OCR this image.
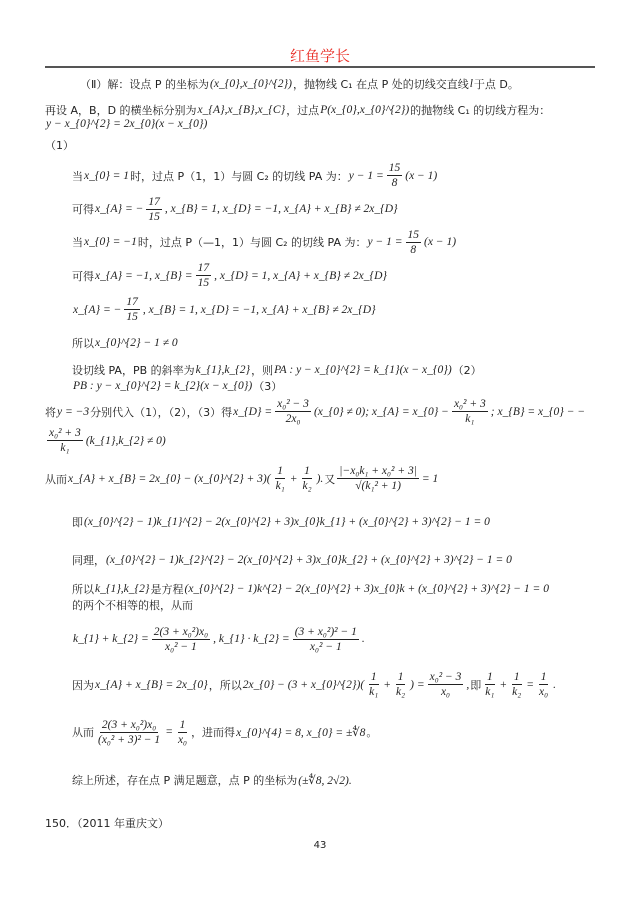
红鱼学长
（Ⅱ）解：设点 P 的坐标为 (x_{0},x_{0}^{2}) ，抛物线 C₁ 在点 P 处的切线交直线 l 于点 D。
再设 A，B，D 的横坐标分别为 x_{A},x_{B},x_{C} ，过点 P(x_{0},x_{0}^{2}) 的抛物线 C₁ 的切线方程为：
y − x_{0}^{2} = 2x_{0}(x − x_{0})
（1）
当 x_{0} = 1 时，过点 P（1，1）与圆 C₂ 的切线 PA 为： $y - 1 = \frac{15}{8} (x - 1)$
可得 x_{A} = − $\frac{17}{15}$ , x_{B} = 1, x_{D} = −1, x_{A} + x_{B} ≠ 2x_{D}
当 x_{0} = −1 时，过点 P（—1，1）与圆 C₂ 的切线 PA 为： $y - 1 = \frac{15}{8} (x - 1)$
可得 x_{A} = −1, x_{B} = $\frac{17}{15}$ , x_{D} = 1, x_{A} + x_{B} ≠ 2x_{D}
x_{A} = − $\frac{17}{15}$ , x_{B} = 1, x_{D} = −1, x_{A} + x_{B} ≠ 2x_{D}
所以 x_{0}^{2} − 1 ≠ 0
设切线 PA，PB 的斜率为 k_{1},k_{2} ，则 PA : y − x_{0}^{2} = k_{1}(x − x_{0}) （2）
PB : y − x_{0}^{2} = k_{2}(x − x_{0}) （3）
将 y = −3 分别代入（1），（2），（3）得 x_{D} = $\frac{\text{x₀² − 3}}{\text{2x₀}}$ (x_{0} ≠ 0); x_{A} = x_{0} − $\frac{\text{x₀² + 3}}{\text{k₁}}$ ; x_{B} = x_{0} − −
$\frac{\text{x₀² + 3}}{\text{k₁}}$ (k_{1},k_{2} ≠ 0)
从而 x_{A} + x_{B} = 2x_{0} − (x_{0}^{2} + $3)( \frac{1}{\text{k₁}} + \frac{1}{\text{k₂}}$ ). 又 $\frac{\text{|−x₀k₁ + x₀² + 3|}}{\text{√(k₁² + 1)}} = 1$
即 (x_{0}^{2} − 1)k_{1}^{2} − 2(x_{0}^{2} + 3)x_{0}k_{1} + (x_{0}^{2} + 3)^{2} − 1 = 0
同理， (x_{0}^{2} − 1)k_{2}^{2} − 2(x_{0}^{2} + 3)x_{0}k_{2} + (x_{0}^{2} + 3)^{2} − 1 = 0
所以 k_{1},k_{2} 是方程 (x_{0}^{2} − 1)k^{2} − 2(x_{0}^{2} + 3)x_{0}k + (x_{0}^{2} + 3)^{2} − 1 = 0
的两个不相等的根，从而
k_{1} + k_{2} = $\frac{\text{2(3 + x₀²)x₀}}{\text{x₀² − 1}}$ , k_{1} · k_{2} = $\frac{\text{(3 + x₀²)² − 1}}{\text{x₀² − 1}}$ .
因为 x_{A} + x_{B} = 2x_{0} ，所以 2x_{0} − (3 + x_{0}^{2})( $\frac{1}{\text{k₁}} + \frac{1}{\text{k₂}}$ ) = $\frac{\text{x₀² − 3}}{\text{x₀}}$ , 即 $\frac{1}{\text{k₁}} + \frac{1}{\text{k₂}} = \frac{1}{\text{x₀}}$ .
从而 $\frac{\text{2(3 + x₀²)x₀}}{\text{(x₀² + 3)² − 1}} = \frac{1}{\text{x₀}}$ ，进而得 x_{0}^{4} = 8, x_{0} = ±∜8 。
综上所述，存在点 P 满足题意，点 P 的坐标为 (±∜8, 2√2).
150．（2011 年重庆文）
43
